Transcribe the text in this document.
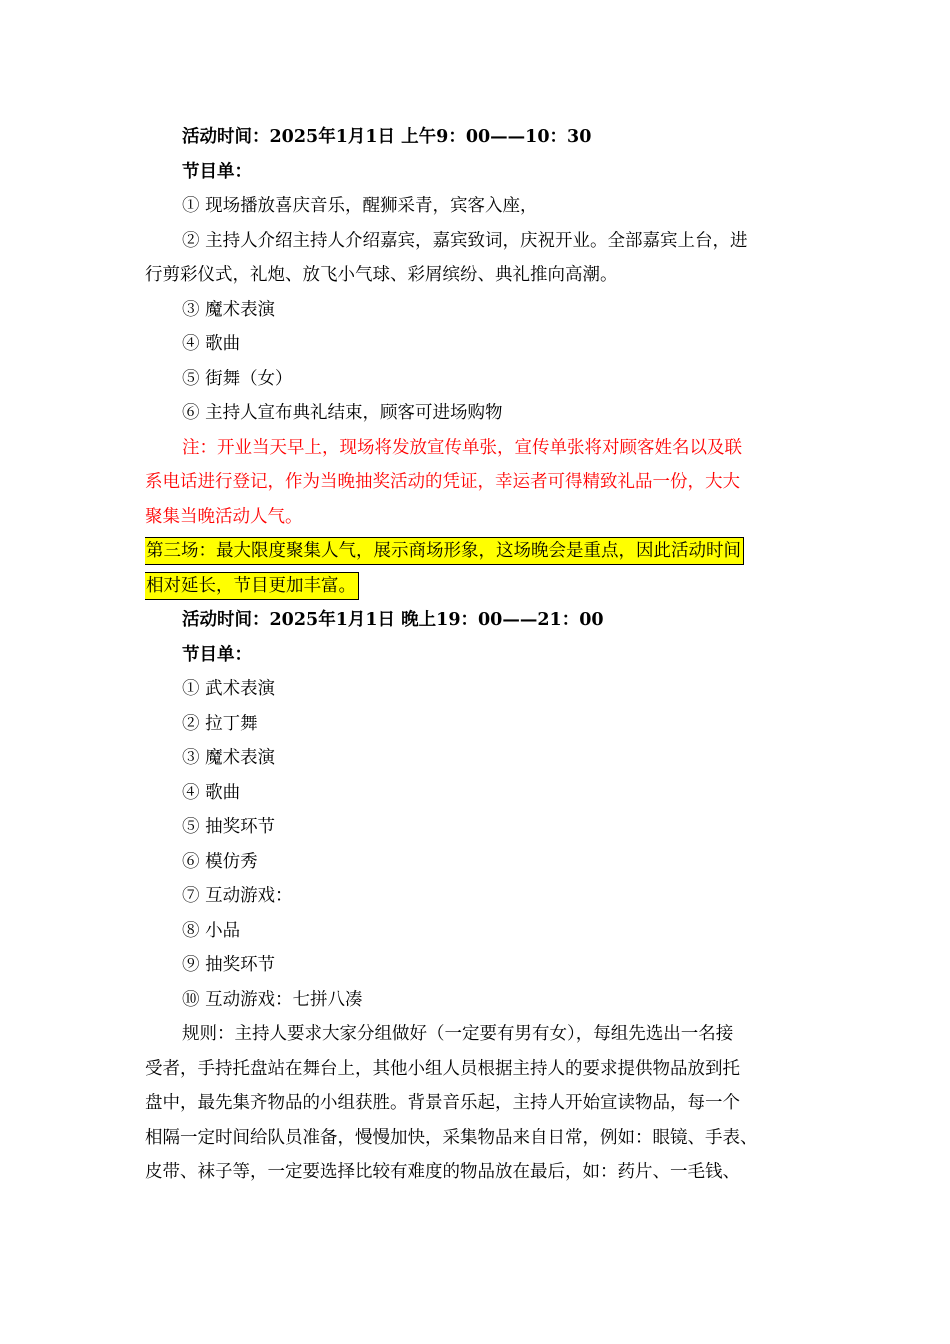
活动时间：2025年1月1日 上午9：00——10：30
节目单：
① 现场播放喜庆音乐，醒狮采青，宾客入座，
② 主持人介绍主持人介绍嘉宾，嘉宾致词，庆祝开业。全部嘉宾上台，进
行剪彩仪式，礼炮、放飞小气球、彩屑缤纷、典礼推向高潮。
③ 魔术表演
④ 歌曲
⑤ 街舞（女）
⑥ 主持人宣布典礼结束，顾客可进场购物
注：开业当天早上，现场将发放宣传单张，宣传单张将对顾客姓名以及联
系电话进行登记，作为当晚抽奖活动的凭证，幸运者可得精致礼品一份，大大
聚集当晚活动人气。
第三场：最大限度聚集人气，展示商场形象，这场晚会是重点，因此活动时间
相对延长，节目更加丰富。
活动时间：2025年1月1日 晚上19：00——21：00
节目单：
① 武术表演
② 拉丁舞
③ 魔术表演
④ 歌曲
⑤ 抽奖环节
⑥ 模仿秀
⑦ 互动游戏：
⑧ 小品
⑨ 抽奖环节
⑩ 互动游戏：七拼八凑
规则：主持人要求大家分组做好（一定要有男有女），每组先选出一名接
受者，手持托盘站在舞台上，其他小组人员根据主持人的要求提供物品放到托
盘中，最先集齐物品的小组获胜。背景音乐起，主持人开始宣读物品，每一个
相隔一定时间给队员准备，慢慢加快，采集物品来自日常，例如：眼镜、手表、
皮带、袜子等，一定要选择比较有难度的物品放在最后，如：药片、一毛钱、
